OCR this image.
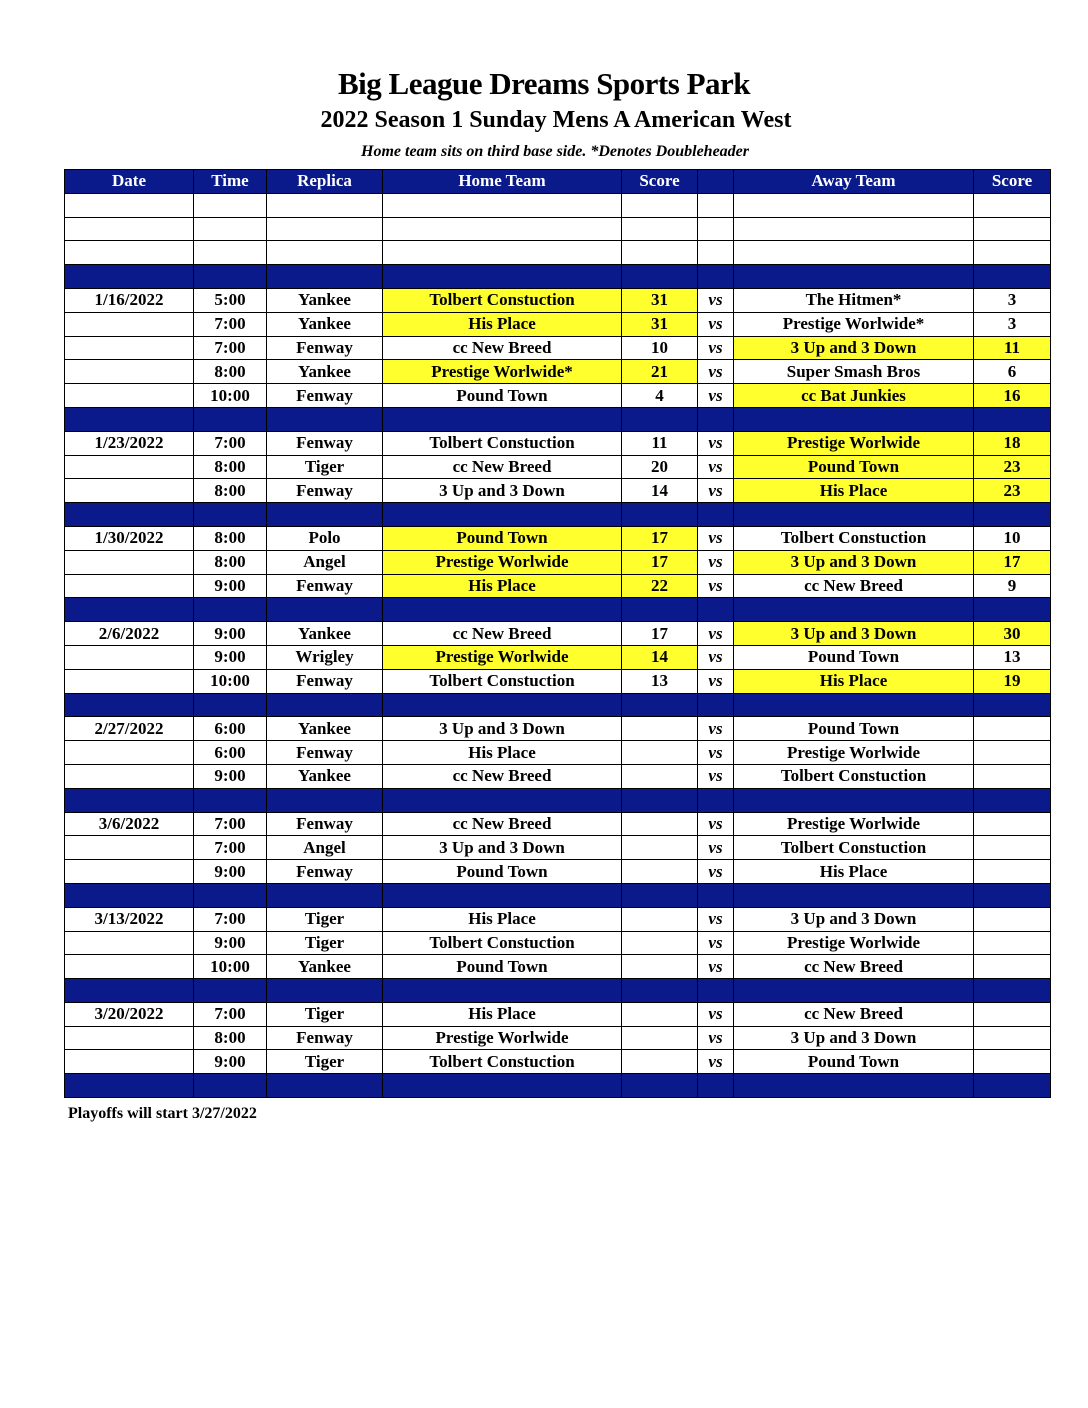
Big League Dreams Sports Park
2022 Season 1 Sunday Mens A American West
Home team sits on third base side. *Denotes Doubleheader
Date	Time	Replica	Home Team	Score		Away Team	Score

1/16/2022	5:00	Yankee	Tolbert Constuction	31	vs	The Hitmen*	3
	7:00	Yankee	His Place	31	vs	Prestige Worlwide*	3
	7:00	Fenway	cc New Breed	10	vs	3 Up and 3 Down	11
	8:00	Yankee	Prestige Worlwide*	21	vs	Super Smash Bros	6
	10:00	Fenway	Pound Town	4	vs	cc Bat Junkies	16

1/23/2022	7:00	Fenway	Tolbert Constuction	11	vs	Prestige Worlwide	18
	8:00	Tiger	cc New Breed	20	vs	Pound Town	23
	8:00	Fenway	3 Up and 3 Down	14	vs	His Place	23

1/30/2022	8:00	Polo	Pound Town	17	vs	Tolbert Constuction	10
	8:00	Angel	Prestige Worlwide	17	vs	3 Up and 3 Down	17
	9:00	Fenway	His Place	22	vs	cc New Breed	9

2/6/2022	9:00	Yankee	cc New Breed	17	vs	3 Up and 3 Down	30
	9:00	Wrigley	Prestige Worlwide	14	vs	Pound Town	13
	10:00	Fenway	Tolbert Constuction	13	vs	His Place	19

2/27/2022	6:00	Yankee	3 Up and 3 Down		vs	Pound Town	
	6:00	Fenway	His Place		vs	Prestige Worlwide	
	9:00	Yankee	cc New Breed		vs	Tolbert Constuction	

3/6/2022	7:00	Fenway	cc New Breed		vs	Prestige Worlwide	
	7:00	Angel	3 Up and 3 Down		vs	Tolbert Constuction	
	9:00	Fenway	Pound Town		vs	His Place	

3/13/2022	7:00	Tiger	His Place		vs	3 Up and 3 Down	
	9:00	Tiger	Tolbert Constuction		vs	Prestige Worlwide	
	10:00	Yankee	Pound Town		vs	cc New Breed	

3/20/2022	7:00	Tiger	His Place		vs	cc New Breed	
	8:00	Fenway	Prestige Worlwide		vs	3 Up and 3 Down	
	9:00	Tiger	Tolbert Constuction		vs	Pound Town	

Playoffs will start 3/27/2022
